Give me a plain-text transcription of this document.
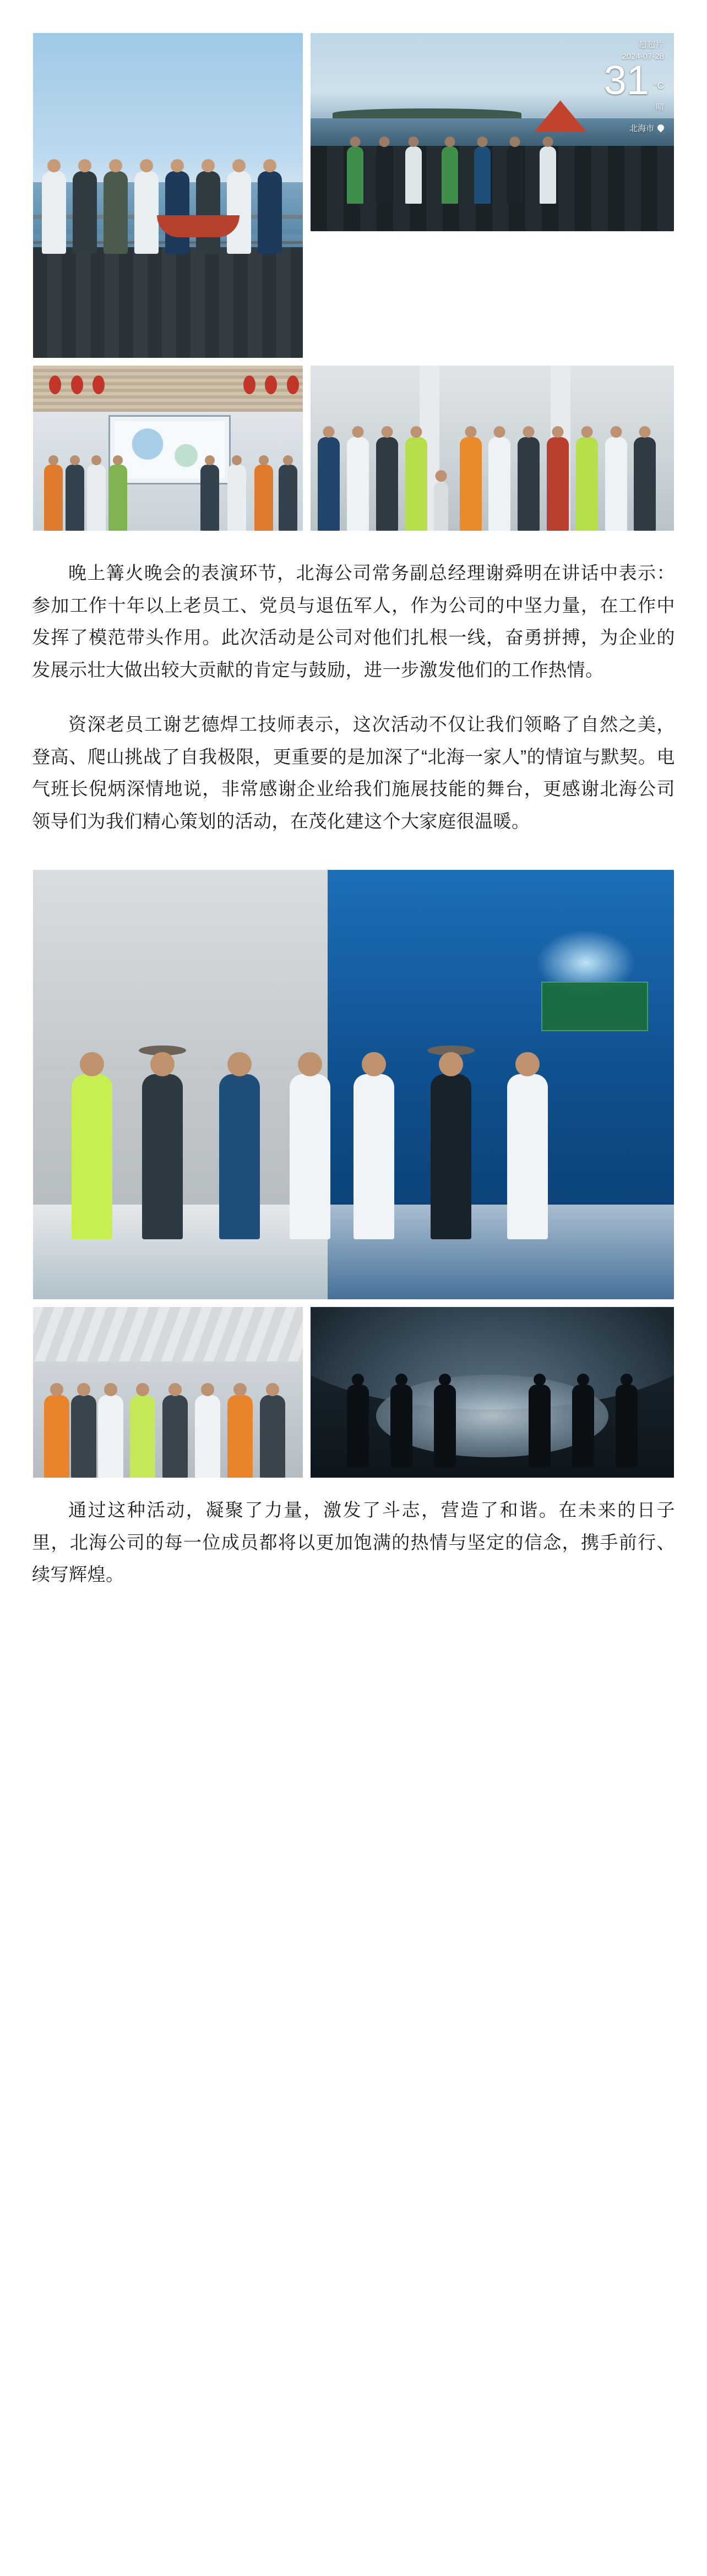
超超片
2024-07-28
31 °C
晴
北海市

晚上篝火晚会的表演环节，北海公司常务副总经理谢舜明在讲话中表示：参加工作十年以上老员工、党员与退伍军人，作为公司的中坚力量，在工作中发挥了模范带头作用。此次活动是公司对他们扎根一线，奋勇拼搏，为企业的发展示壮大做出较大贡献的肯定与鼓励，进一步激发他们的工作热情。

资深老员工谢艺德焊工技师表示，这次活动不仅让我们领略了自然之美，登高、爬山挑战了自我极限，更重要的是加深了“北海一家人”的情谊与默契。电气班长倪炳深情地说，非常感谢企业给我们施展技能的舞台，更感谢北海公司领导们为我们精心策划的活动，在茂化建这个大家庭很温暖。

通过这种活动，凝聚了力量，激发了斗志，营造了和谐。在未来的日子里，北海公司的每一位成员都将以更加饱满的热情与坚定的信念，携手前行、续写辉煌。
